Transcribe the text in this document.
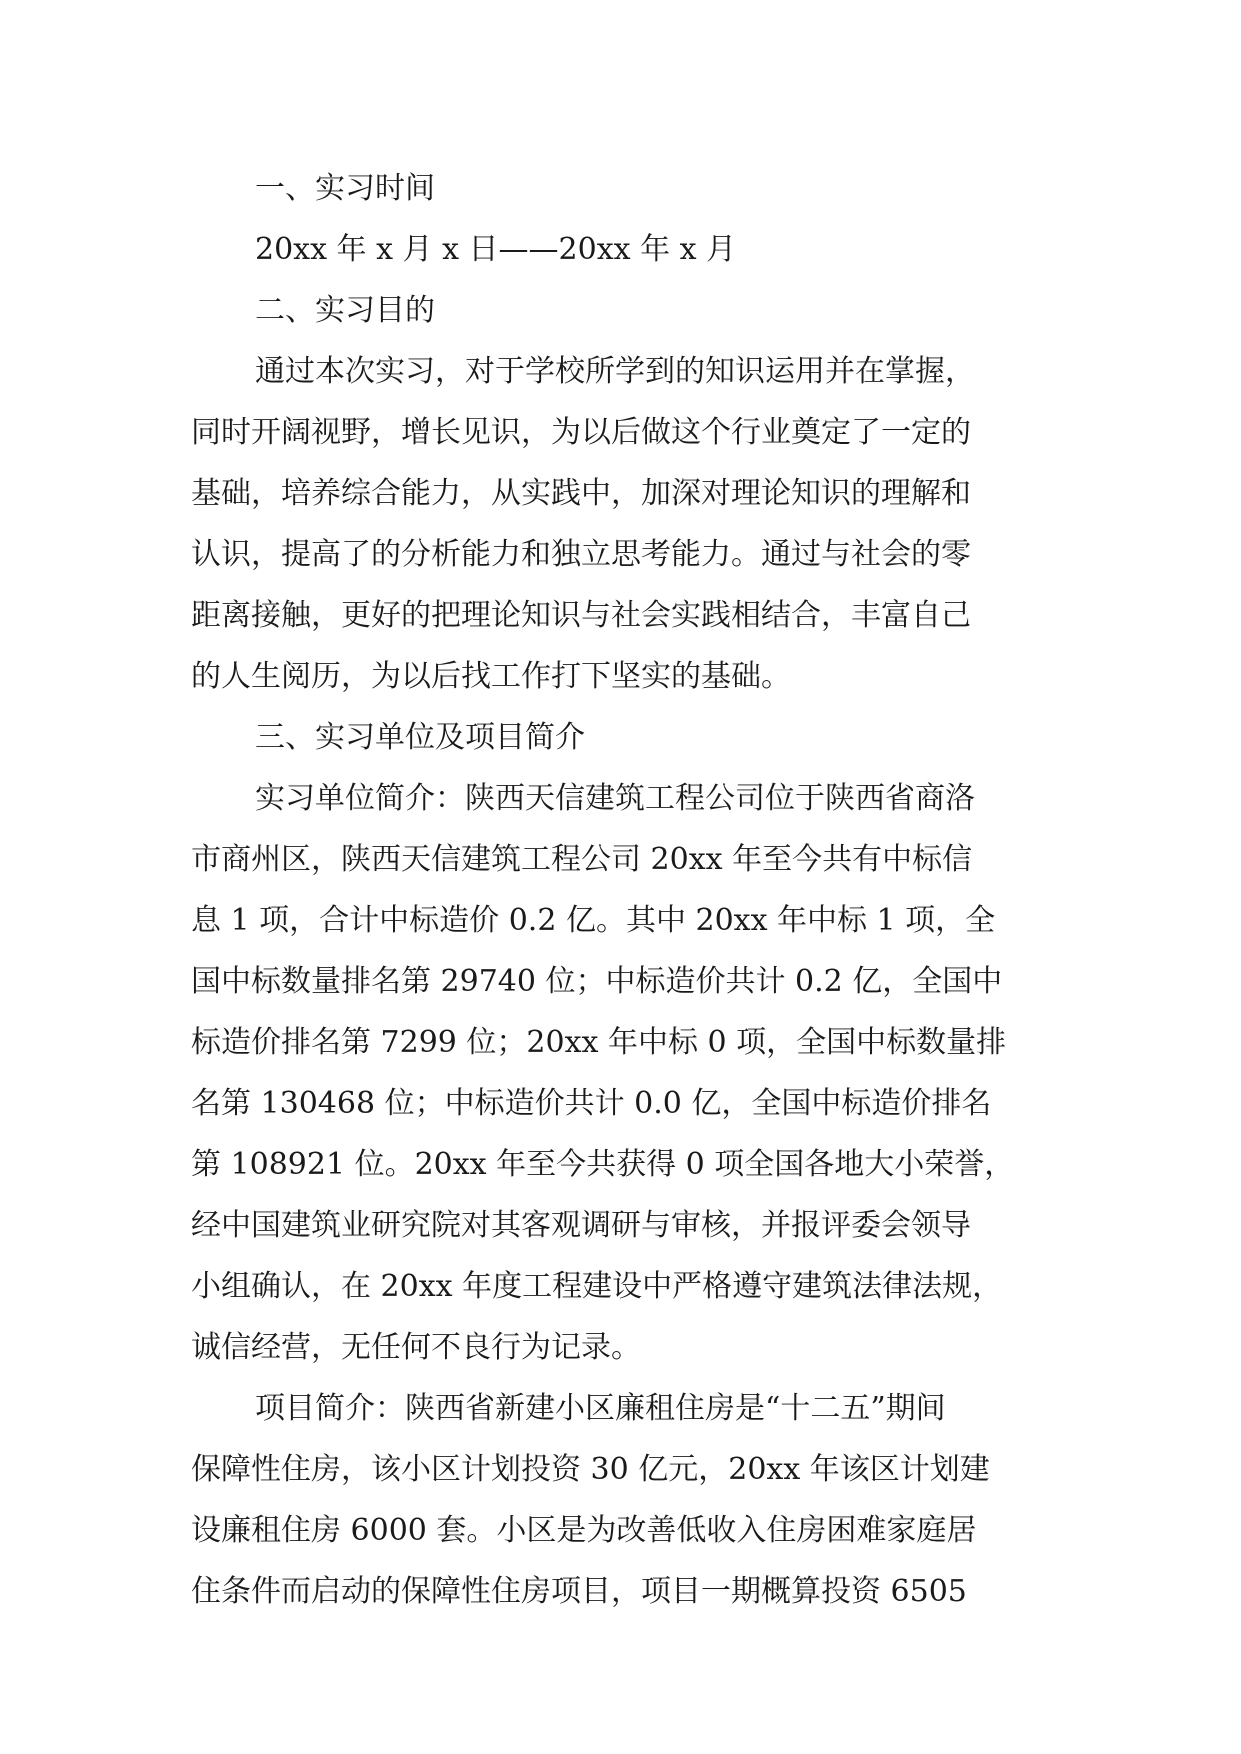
一、实习时间

20xx 年 x 月 x 日——20xx 年 x 月

二、实习目的

通过本次实习，对于学校所学到的知识运用并在掌握，

同时开阔视野，增长见识，为以后做这个行业奠定了一定的

基础，培养综合能力，从实践中，加深对理论知识的理解和

认识，提高了的分析能力和独立思考能力。通过与社会的零

距离接触，更好的把理论知识与社会实践相结合，丰富自己

的人生阅历，为以后找工作打下坚实的基础。

三、实习单位及项目简介

实习单位简介：陕西天信建筑工程公司位于陕西省商洛

市商州区，陕西天信建筑工程公司 20xx 年至今共有中标信

息 1 项，合计中标造价 0.2 亿。其中 20xx 年中标 1 项，全

国中标数量排名第 29740 位；中标造价共计 0.2 亿，全国中

标造价排名第 7299 位；20xx 年中标 0 项，全国中标数量排

名第 130468 位；中标造价共计 0.0 亿，全国中标造价排名

第 108921 位。20xx 年至今共获得 0 项全国各地大小荣誉，

经中国建筑业研究院对其客观调研与审核，并报评委会领导

小组确认，在 20xx 年度工程建设中严格遵守建筑法律法规，

诚信经营，无任何不良行为记录。

项目简介：陕西省新建小区廉租住房是“十二五”期间

保障性住房，该小区计划投资 30 亿元，20xx 年该区计划建

设廉租住房 6000 套。小区是为改善低收入住房困难家庭居

住条件而启动的保障性住房项目，项目一期概算投资 6505
